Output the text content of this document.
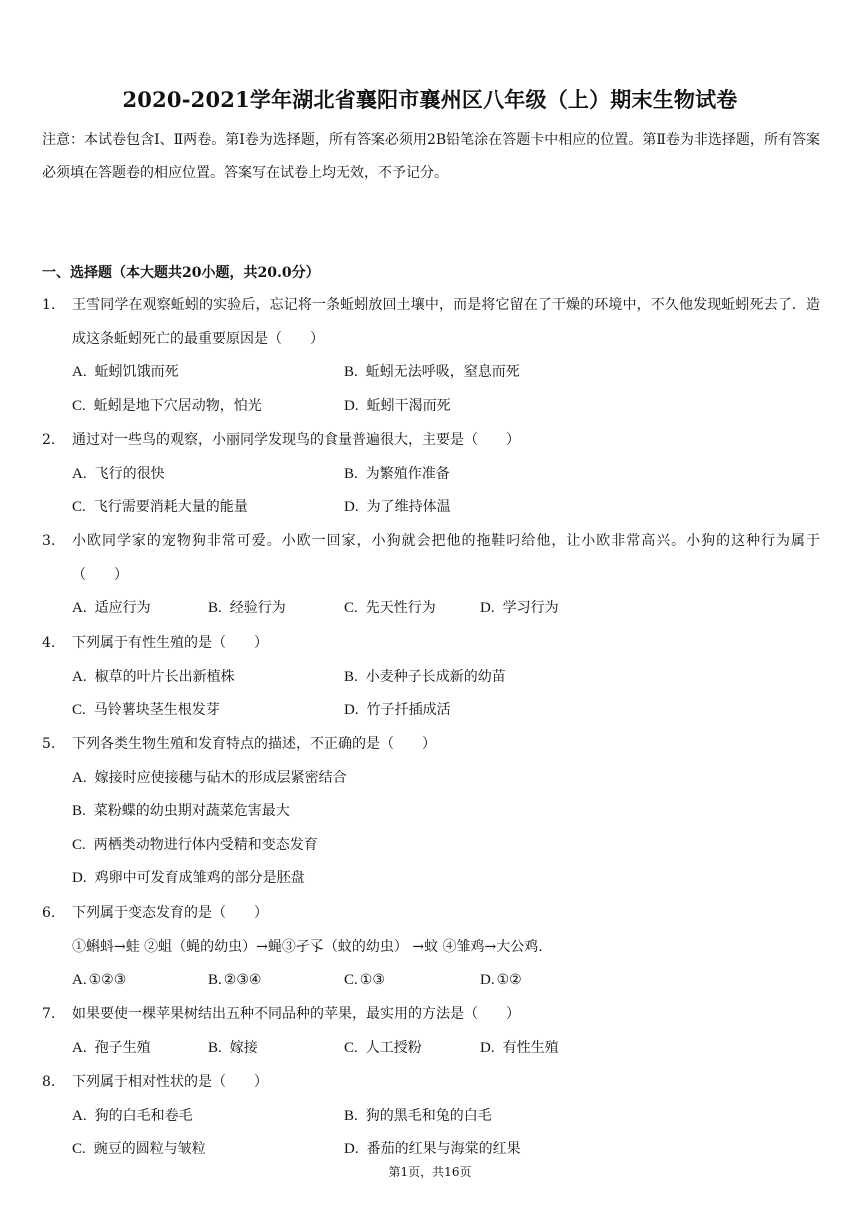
2020-2021学年湖北省襄阳市襄州区八年级（上）期末生物试卷
注意：本试卷包含Ⅰ、Ⅱ两卷。第Ⅰ卷为选择题，所有答案必须用2B铅笔涂在答题卡中相应的位置。第Ⅱ卷为非选择题，所有答案必须填在答题卷的相应位置。答案写在试卷上均无效，不予记分。
一、选择题（本大题共20小题，共20.0分）
1. 王雪同学在观察蚯蚓的实验后，忘记将一条蚯蚓放回土壤中，而是将它留在了干燥的环境中，不久他发现蚯蚓死去了．造成这条蚯蚓死亡的最重要原因是（　　）
A. 蚯蚓饥饿而死	B. 蚯蚓无法呼吸，窒息而死
C. 蚯蚓是地下穴居动物，怕光	D. 蚯蚓干渴而死
2. 通过对一些鸟的观察，小丽同学发现鸟的食量普遍很大，主要是（　　）
A. 飞行的很快	B. 为繁殖作准备
C. 飞行需要消耗大量的能量	D. 为了维持体温
3. 小欧同学家的宠物狗非常可爱。小欧一回家，小狗就会把他的拖鞋叼给他，让小欧非常高兴。小狗的这种行为属于（　　）
A. 适应行为	B. 经验行为	C. 先天性行为	D. 学习行为
4. 下列属于有性生殖的是（　　）
A. 椒草的叶片长出新植株	B. 小麦种子长成新的幼苗
C. 马铃薯块茎生根发芽	D. 竹子扦插成活
5. 下列各类生物生殖和发育特点的描述，不正确的是（　　）
A. 嫁接时应使接穗与砧木的形成层紧密结合
B. 菜粉蝶的幼虫期对蔬菜危害最大
C. 两栖类动物进行体内受精和变态发育
D. 鸡卵中可发育成雏鸡的部分是胚盘
6. 下列属于变态发育的是（　　）
①蝌蚪→蛙 ②蛆（蝇的幼虫）→蝇③孑孓（蚊的幼虫） →蚊 ④雏鸡→大公鸡.
A. ①②③	B. ②③④	C. ①③	D. ①②
7. 如果要使一棵苹果树结出五种不同品种的苹果，最实用的方法是（　　）
A. 孢子生殖	B. 嫁接	C. 人工授粉	D. 有性生殖
8. 下列属于相对性状的是（　　）
A. 狗的白毛和卷毛	B. 狗的黑毛和兔的白毛
C. 豌豆的圆粒与皱粒	D. 番茄的红果与海棠的红果
第1页，共16页
